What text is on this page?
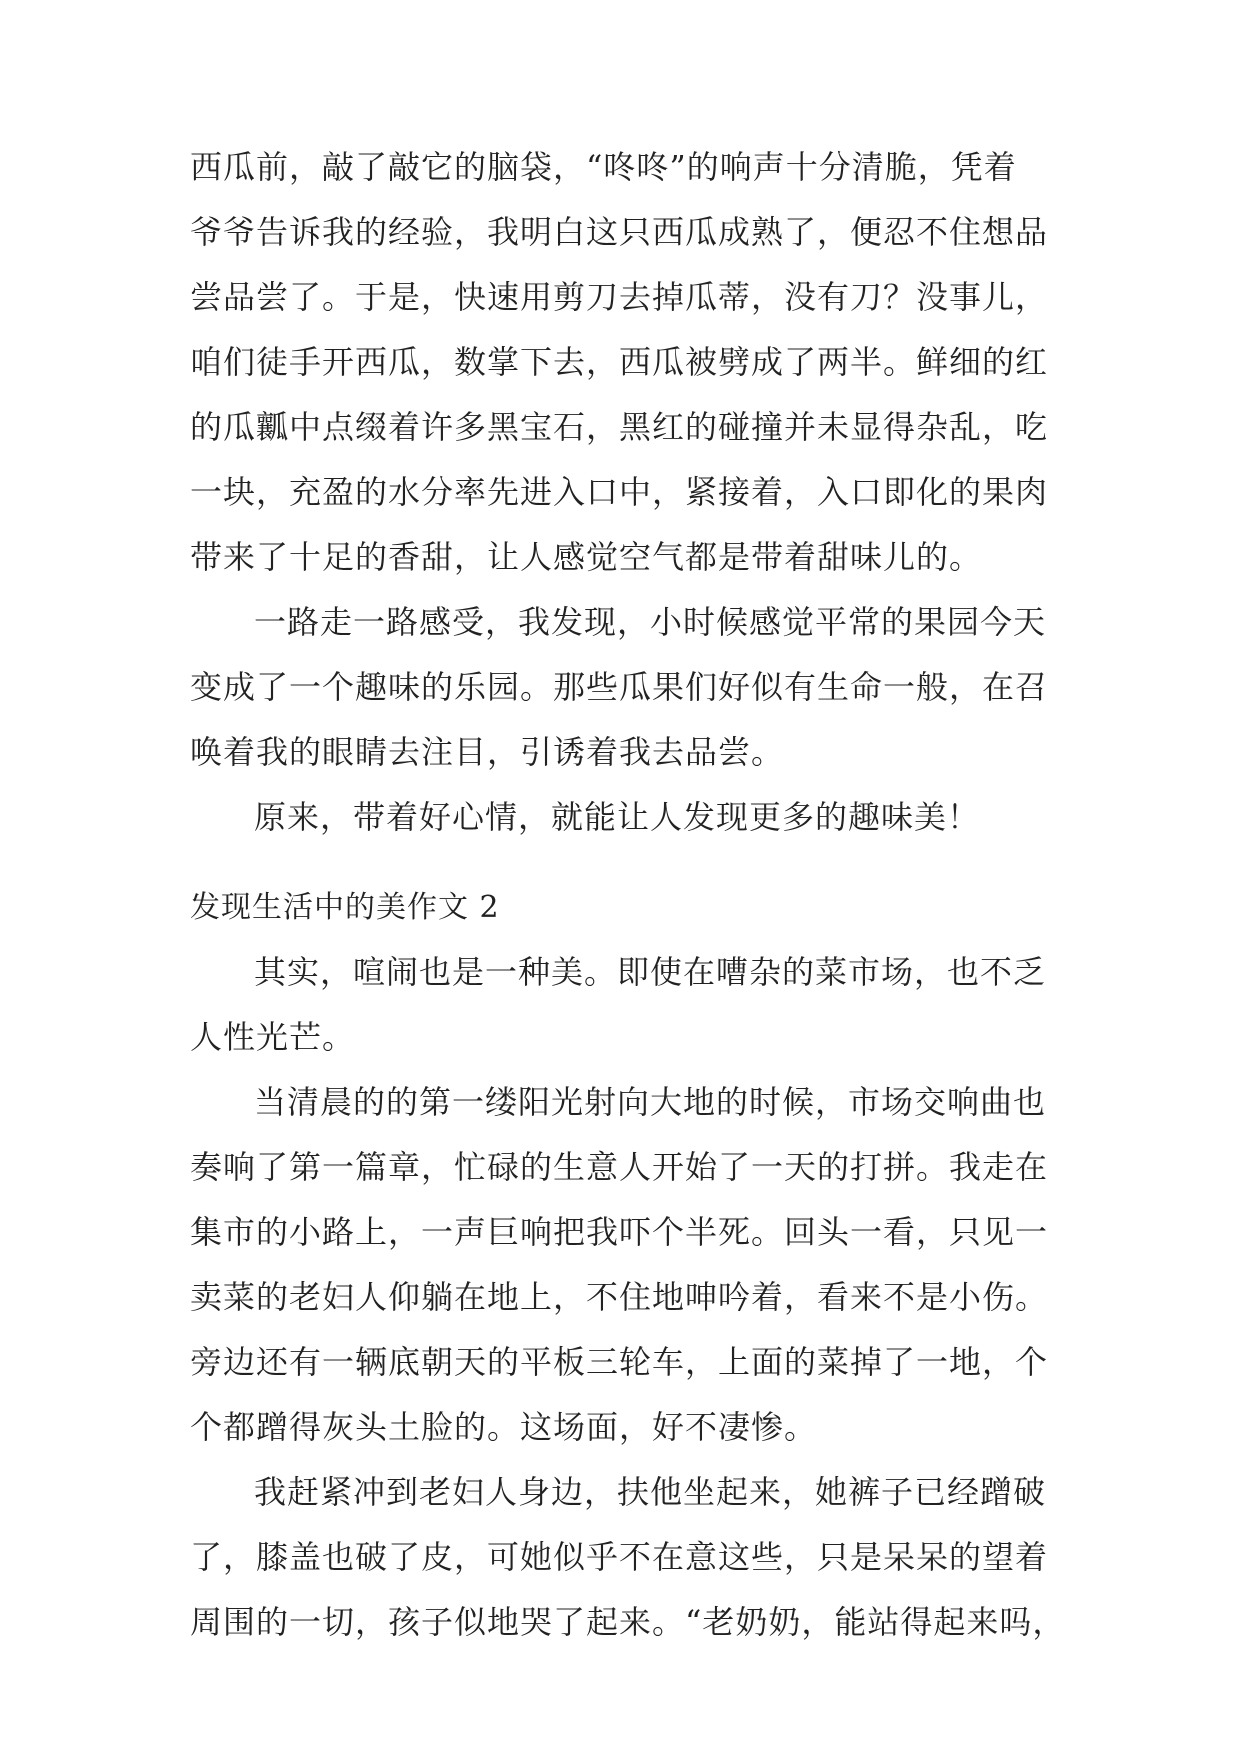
西瓜前，敲了敲它的脑袋，“咚咚”的响声十分清脆，凭着
爷爷告诉我的经验，我明白这只西瓜成熟了，便忍不住想品
尝品尝了。于是，快速用剪刀去掉瓜蒂，没有刀？没事儿，
咱们徒手开西瓜，数掌下去，西瓜被劈成了两半。鲜细的红
的瓜瓤中点缀着许多黑宝石，黑红的碰撞并未显得杂乱，吃
一块，充盈的水分率先进入口中，紧接着，入口即化的果肉
带来了十足的香甜，让人感觉空气都是带着甜味儿的。
一路走一路感受，我发现，小时候感觉平常的果园今天
变成了一个趣味的乐园。那些瓜果们好似有生命一般，在召
唤着我的眼睛去注目，引诱着我去品尝。
原来，带着好心情，就能让人发现更多的趣味美！
发现生活中的美作文 2
其实，喧闹也是一种美。即使在嘈杂的菜市场，也不乏
人性光芒。
当清晨的的第一缕阳光射向大地的时候，市场交响曲也
奏响了第一篇章，忙碌的生意人开始了一天的打拼。我走在
集市的小路上，一声巨响把我吓个半死。回头一看，只见一
卖菜的老妇人仰躺在地上，不住地呻吟着，看来不是小伤。
旁边还有一辆底朝天的平板三轮车，上面的菜掉了一地，个
个都蹭得灰头土脸的。这场面，好不凄惨。
我赶紧冲到老妇人身边，扶他坐起来，她裤子已经蹭破
了，膝盖也破了皮，可她似乎不在意这些，只是呆呆的望着
周围的一切，孩子似地哭了起来。“老奶奶，能站得起来吗，
